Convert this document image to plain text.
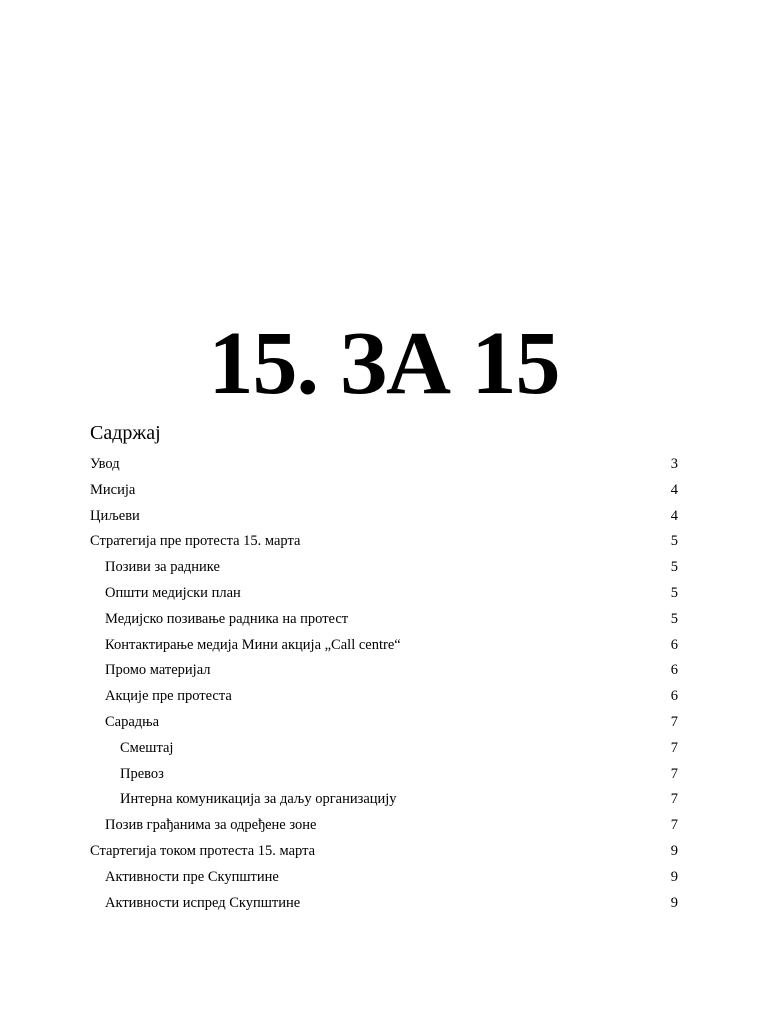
15. ЗА 15
Садржај
Увод	3
Мисија	4
Циљеви	4
Стратегија пре протеста 15. марта	5
Позиви за раднике	5
Општи медијски план	5
Медијско позивање радника на протест	5
Контактирање медија Мини акција „Call centre“	6
Промо материјал	6
Акције пре протеста	6
Сарадња	7
Смештај	7
Превоз	7
Интерна комуникација за даљу организацију	7
Позив грађанима за одређене зоне	7
Стартегија током протеста 15. марта	9
Активности пре Скупштине	9
Активности испред Скупштине	9
